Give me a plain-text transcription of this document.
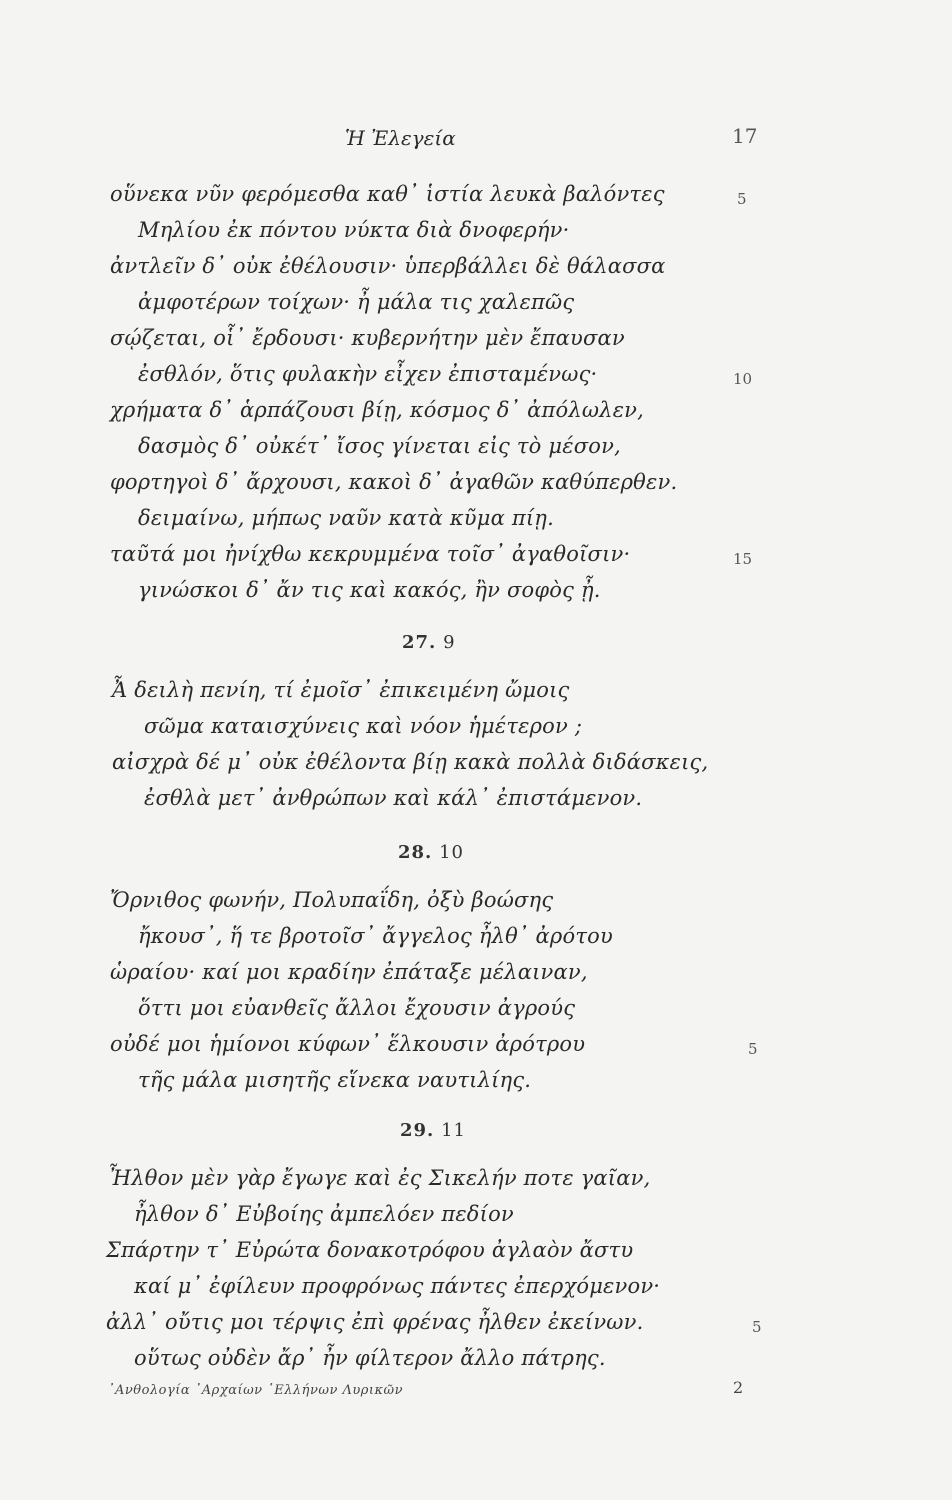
Ἡ Ἐλεγεία	17
οὕνεκα νῦν φερόμεσθα καθ᾽ ἱστία λευκὰ βαλόντες
Μηλίου ἐκ πόντου νύκτα διὰ δνοφερήν·
ἀντλεῖν δ᾽ οὐκ ἐθέλουσιν· ὑπερβάλλει δὲ θάλασσα
ἀμφοτέρων τοίχων· ἦ μάλα τις χαλεπῶς
σῴζεται, οἷ᾽ ἔρδουσι· κυβερνήτην μὲν ἔπαυσαν
ἐσθλόν, ὅτις φυλακὴν εἶχεν ἐπισταμένως·
χρήματα δ᾽ ἁρπάζουσι βίῃ, κόσμος δ᾽ ἀπόλωλεν,
δασμὸς δ᾽ οὐκέτ᾽ ἴσος γίνεται εἰς τὸ μέσον,
φορτηγοὶ δ᾽ ἄρχουσι, κακοὶ δ᾽ ἀγαθῶν καθύπερθεν.
δειμαίνω, μήπως ναῦν κατὰ κῦμα πίῃ.
ταῦτά μοι ἠνίχθω κεκρυμμένα τοῖσ᾽ ἀγαθοῖσιν·
γινώσκοι δ᾽ ἄν τις καὶ κακός, ἢν σοφὸς ᾖ.
5
10
15
27. 9
Ἆ δειλὴ πενίη, τί ἐμοῖσ᾽ ἐπικειμένη ὤμοις
σῶμα καταισχύνεις καὶ νόον ἡμέτερον ;
αἰσχρὰ δέ μ᾽ οὐκ ἐθέλοντα βίῃ κακὰ πολλὰ διδάσκεις,
ἐσθλὰ μετ᾽ ἀνθρώπων καὶ κάλ᾽ ἐπιστάμενον.
28. 10
Ὄρνιθος φωνήν, Πολυπαΐδη, ὀξὺ βοώσης
ἤκουσ᾽, ἥ τε βροτοῖσ᾽ ἄγγελος ἦλθ᾽ ἀρότου
ὡραίου· καί μοι κραδίην ἐπάταξε μέλαιναν,
ὅττι μοι εὐανθεῖς ἄλλοι ἔχουσιν ἀγρούς
οὐδέ μοι ἡμίονοι κύφων᾽ ἕλκουσιν ἀρότρου
τῆς μάλα μισητῆς εἵνεκα ναυτιλίης.
5
29. 11
Ἦλθον μὲν γὰρ ἔγωγε καὶ ἐς Σικελήν ποτε γαῖαν,
ἦλθον δ᾽ Εὐβοίης ἀμπελόεν πεδίον
Σπάρτην τ᾽ Εὐρώτα δονακοτρόφου ἀγλαὸν ἄστυ
καί μ᾽ ἐφίλευν προφρόνως πάντες ἐπερχόμενον·
ἀλλ᾽ οὔτις μοι τέρψις ἐπὶ φρένας ἦλθεν ἐκείνων.
οὕτως οὐδὲν ἄρ᾽ ἦν φίλτερον ἄλλο πάτρης.
5
᾽Ανθολογία ᾽Αρχαίων ῾Ελλήνων Λυρικῶν	2
